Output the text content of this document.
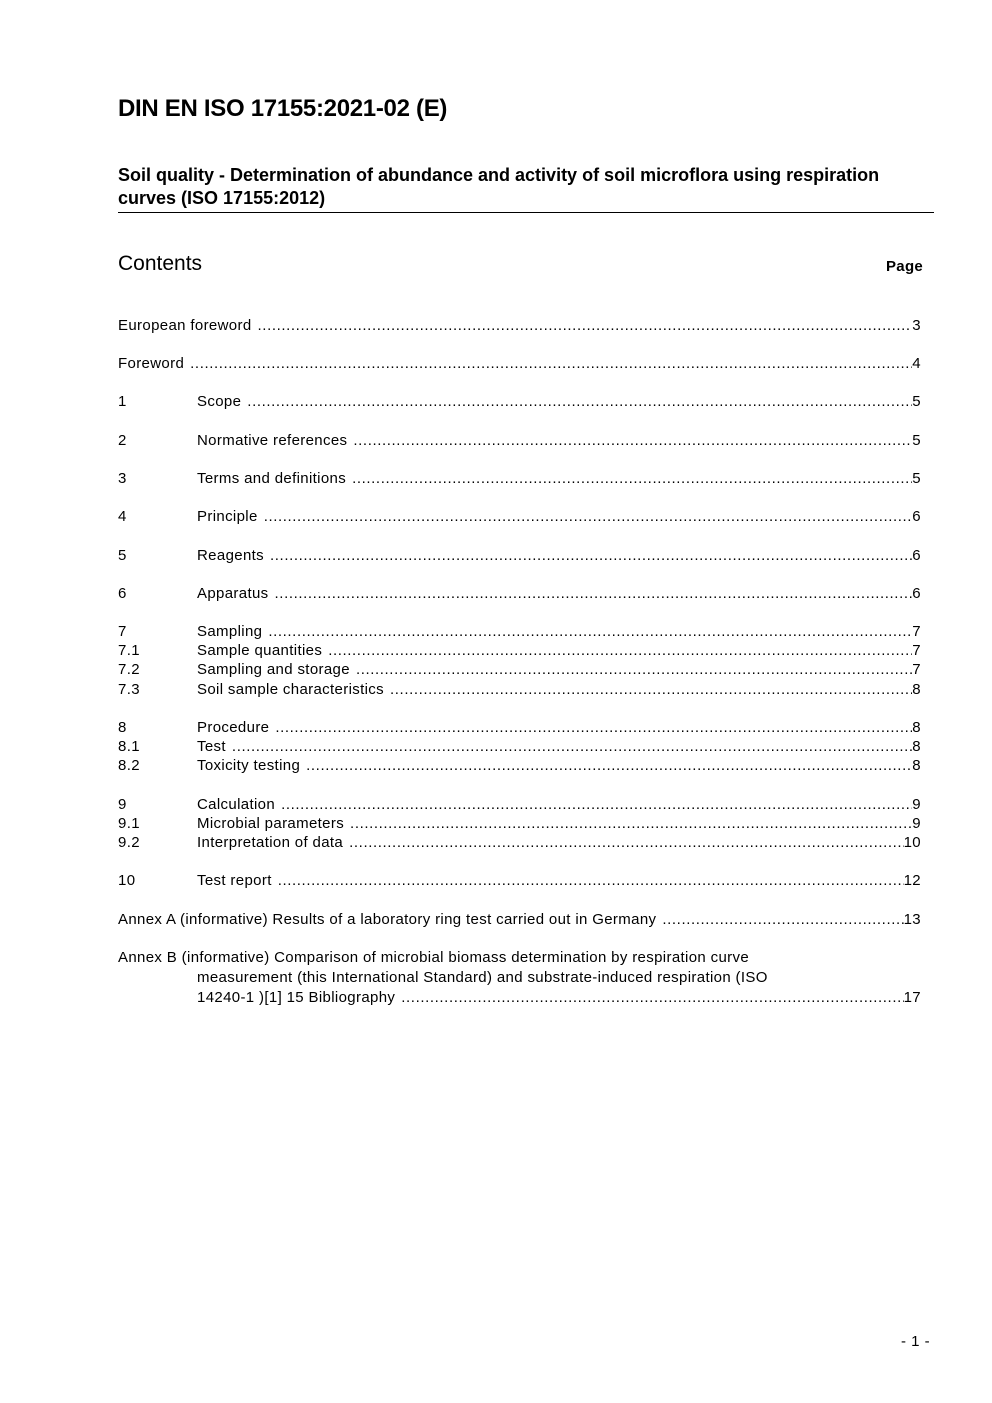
DIN EN ISO 17155:2021-02 (E)
Soil quality - Determination of abundance and activity of soil microflora using respiration curves (ISO 17155:2012)
Contents	Page
European foreword .....	3
Foreword .....	4
1	Scope .....	5
2	Normative references .....	5
3	Terms and definitions .....	5
4	Principle .....	6
5	Reagents .....	6
6	Apparatus .....	6
7	Sampling .....	7
7.1	Sample quantities .....	7
7.2	Sampling and storage .....	7
7.3	Soil sample characteristics .....	8
8	Procedure .....	8
8.1	Test .....	8
8.2	Toxicity testing .....	8
9	Calculation .....	9
9.1	Microbial parameters .....	9
9.2	Interpretation of data .....	10
10	Test report .....	12
Annex A (informative) Results of a laboratory ring test carried out in Germany .....	13
Annex B (informative) Comparison of microbial biomass determination by respiration curve
measurement (this International Standard) and substrate-induced respiration (ISO
14240-1 )[1] 15 Bibliography .....	17
- 1 -
